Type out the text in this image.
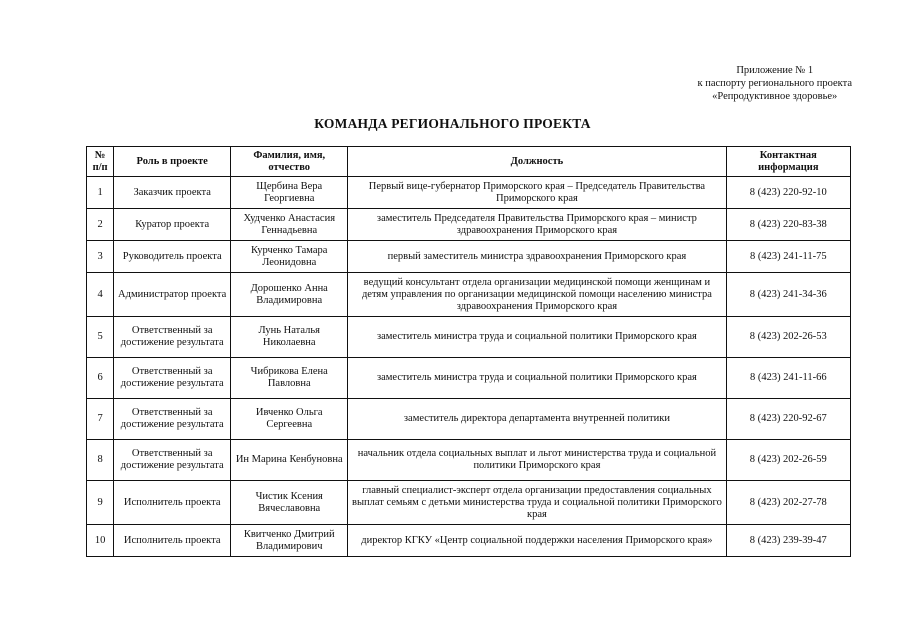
Приложение № 1
к паспорту регионального проекта
«Репродуктивное здоровье»
КОМАНДА РЕГИОНАЛЬНОГО ПРОЕКТА
№ п/п	Роль в проекте	Фамилия, имя, отчество	Должность	Контактная информация
1	Заказчик проекта	Щербина Вера Георгиевна	Первый вице-губернатор Приморского края – Председатель Правительства Приморского края	8 (423) 220-92-10
2	Куратор проекта	Худченко Анастасия Геннадьевна	заместитель Председателя Правительства Приморского края – министр здравоохранения Приморского края	8 (423) 220-83-38
3	Руководитель проекта	Курченко Тамара Леонидовна	первый заместитель министра здравоохранения Приморского края	8 (423) 241-11-75
4	Администратор проекта	Дорошенко Анна Владимировна	ведущий консультант отдела организации медицинской помощи женщинам и детям управления по организации медицинской помощи населению министра здравоохранения Приморского края	8 (423) 241-34-36
5	Ответственный за достижение результата	Лунь Наталья Николаевна	заместитель министра труда и социальной политики Приморского края	8 (423) 202-26-53
6	Ответственный за достижение результата	Чибрикова Елена Павловна	заместитель министра труда и социальной политики Приморского края	8 (423) 241-11-66
7	Ответственный за достижение результата	Ивченко Ольга Сергеевна	заместитель директора департамента внутренней политики	8 (423) 220-92-67
8	Ответственный за достижение результата	Ин Марина Кенбуновна	начальник отдела социальных выплат и льгот министерства труда и социальной политики Приморского края	8 (423) 202-26-59
9	Исполнитель проекта	Чистик Ксения Вячеславовна	главный специалист-эксперт отдела организации предоставления социальных выплат семьям с детьми министерства труда и социальной политики Приморского края	8 (423) 202-27-78
10	Исполнитель проекта	Квитченко Дмитрий Владимирович	директор КГКУ «Центр социальной поддержки населения Приморского края»	8 (423) 239-39-47
